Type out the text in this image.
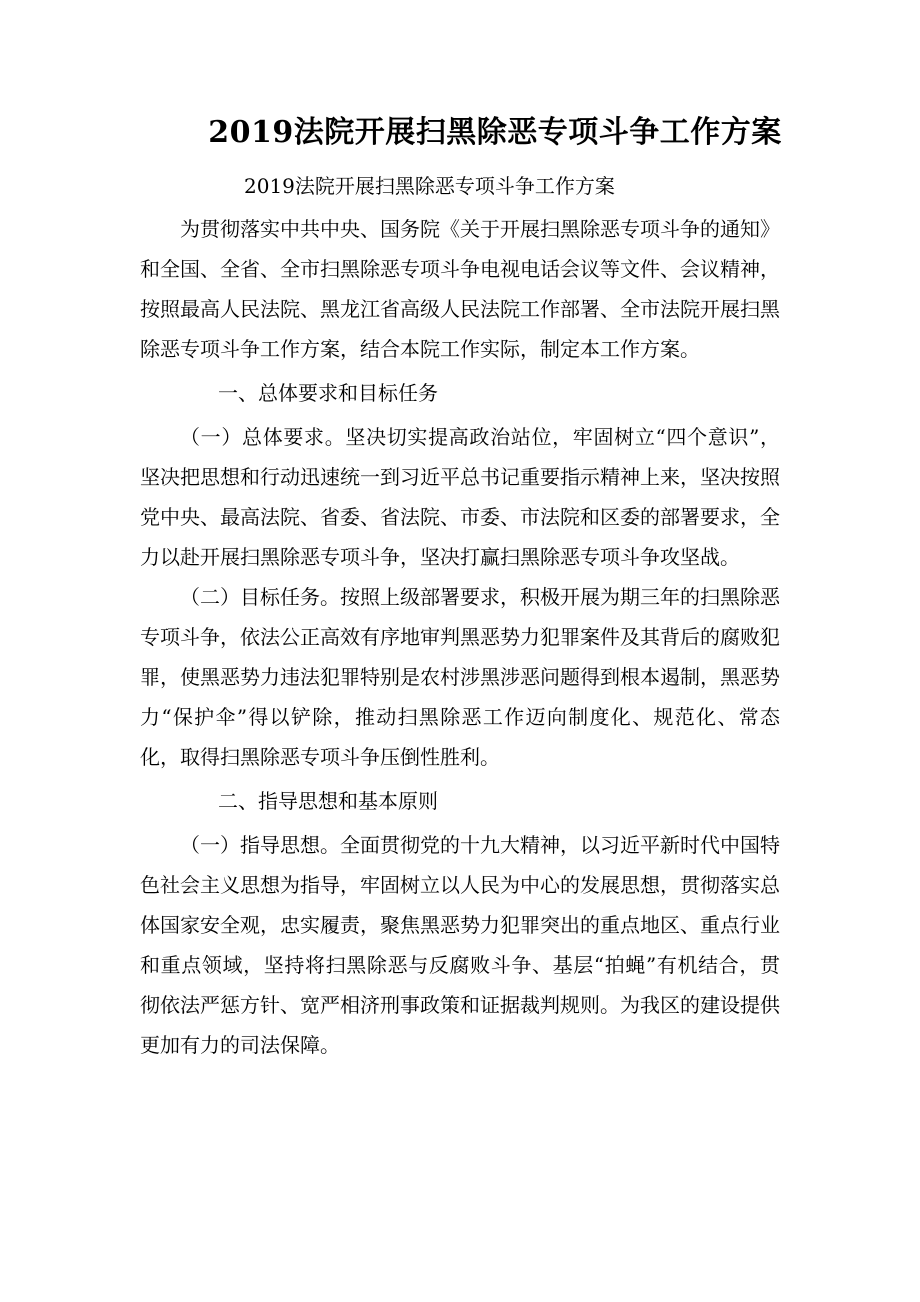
2019法院开展扫黑除恶专项斗争工作方案

2019法院开展扫黑除恶专项斗争工作方案

为贯彻落实中共中央、国务院《关于开展扫黑除恶专项斗争的通知》和全国、全省、全市扫黑除恶专项斗争电视电话会议等文件、会议精神，按照最高人民法院、黑龙江省高级人民法院工作部署、全市法院开展扫黑除恶专项斗争工作方案，结合本院工作实际，制定本工作方案。

一、总体要求和目标任务

（一）总体要求。坚决切实提高政治站位，牢固树立“四个意识”，坚决把思想和行动迅速统一到习近平总书记重要指示精神上来，坚决按照党中央、最高法院、省委、省法院、市委、市法院和区委的部署要求，全力以赴开展扫黑除恶专项斗争，坚决打赢扫黑除恶专项斗争攻坚战。

（二）目标任务。按照上级部署要求，积极开展为期三年的扫黑除恶专项斗争，依法公正高效有序地审判黑恶势力犯罪案件及其背后的腐败犯罪，使黑恶势力违法犯罪特别是农村涉黑涉恶问题得到根本遏制，黑恶势力“保护伞”得以铲除，推动扫黑除恶工作迈向制度化、规范化、常态化，取得扫黑除恶专项斗争压倒性胜利。

二、指导思想和基本原则

（一）指导思想。全面贯彻党的十九大精神，以习近平新时代中国特色社会主义思想为指导，牢固树立以人民为中心的发展思想，贯彻落实总体国家安全观，忠实履责，聚焦黑恶势力犯罪突出的重点地区、重点行业和重点领域，坚持将扫黑除恶与反腐败斗争、基层“拍蝇”有机结合，贯彻依法严惩方针、宽严相济刑事政策和证据裁判规则。为我区的建设提供更加有力的司法保障。
